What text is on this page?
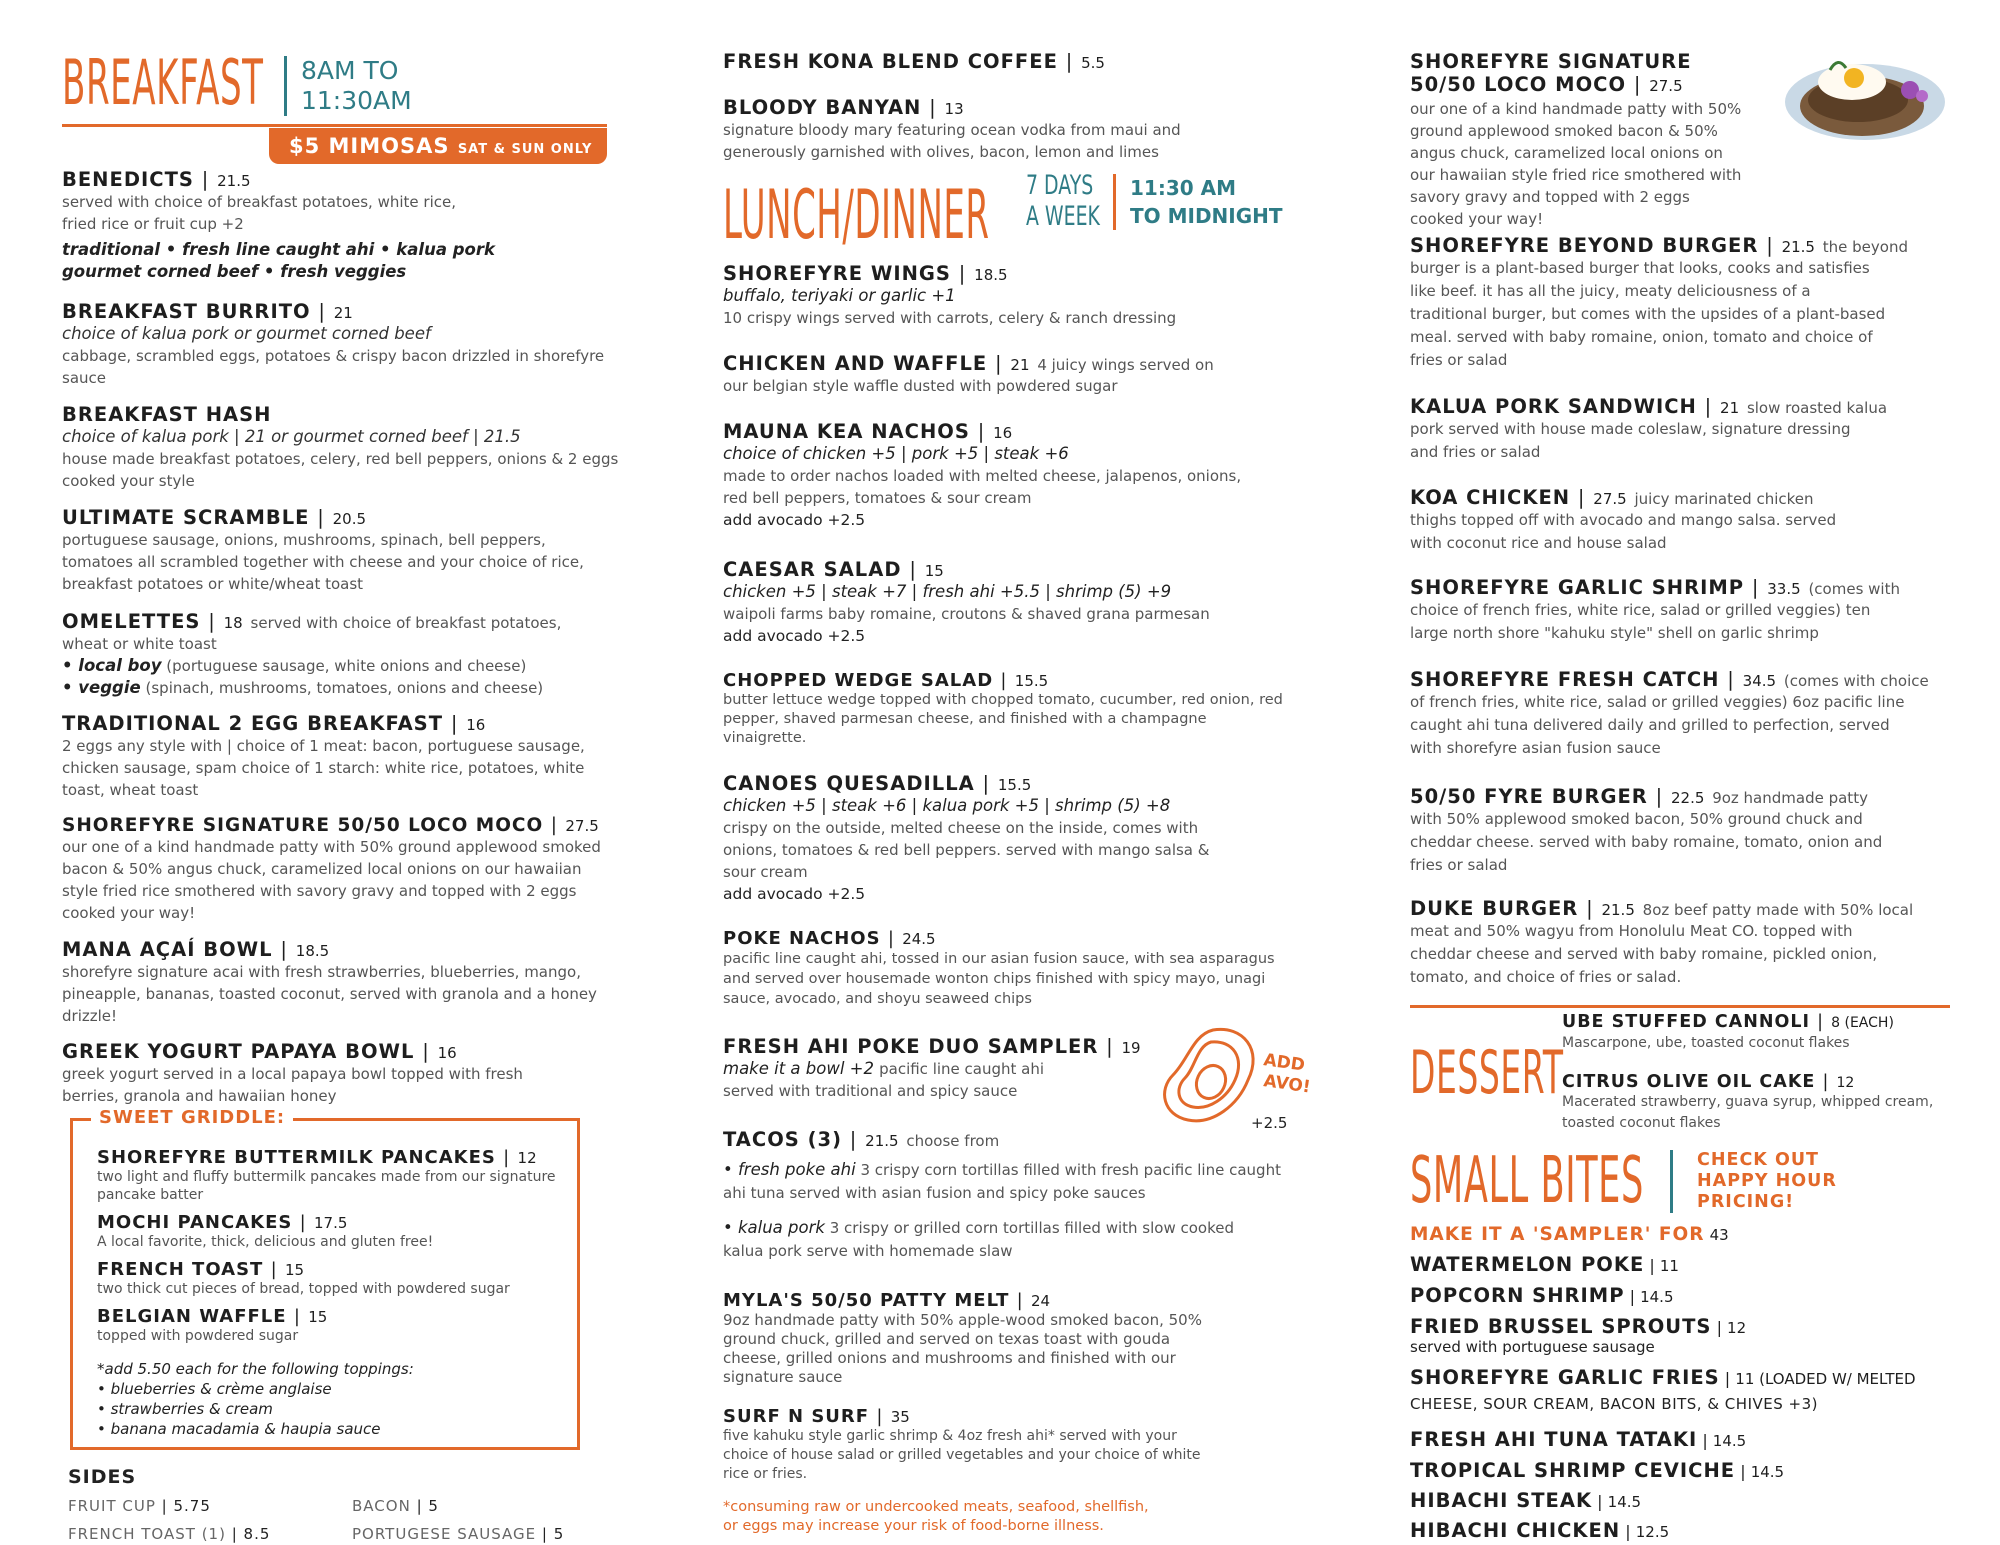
BREAKFAST 8AM TO
11:30AM
$5 MIMOSAS SAT & SUN ONLY
BENEDICTS | 21.5
served with choice of breakfast potatoes, white rice,
fried rice or fruit cup +2
traditional • fresh line caught ahi • kalua pork
gourmet corned beef • fresh veggies
BREAKFAST BURRITO | 21
choice of kalua pork or gourmet corned beef
cabbage, scrambled eggs, potatoes & crispy bacon drizzled in shorefyre sauce
BREAKFAST HASH
choice of kalua pork | 21 or gourmet corned beef | 21.5
house made breakfast potatoes, celery, red bell peppers, onions & 2 eggs cooked your style
ULTIMATE SCRAMBLE | 20.5
portuguese sausage, onions, mushrooms, spinach, bell peppers, tomatoes all scrambled together with cheese and your choice of rice, breakfast potatoes or white/wheat toast
OMELETTES | 18 served with choice of breakfast potatoes,
wheat or white toast
• local boy (portuguese sausage, white onions and cheese)
• veggie (spinach, mushrooms, tomatoes, onions and cheese)
TRADITIONAL 2 EGG BREAKFAST | 16
2 eggs any style with | choice of 1 meat: bacon, portuguese sausage, chicken sausage, spam choice of 1 starch: white rice, potatoes, white toast, wheat toast
SHOREFYRE SIGNATURE 50/50 LOCO MOCO | 27.5
our one of a kind handmade patty with 50% ground applewood smoked bacon & 50% angus chuck, caramelized local onions on our hawaiian style fried rice smothered with savory gravy and topped with 2 eggs cooked your way!
MANA AÇAÍ BOWL | 18.5
shorefyre signature acai with fresh strawberries, blueberries, mango, pineapple, bananas, toasted coconut, served with granola and a honey drizzle!
GREEK YOGURT PAPAYA BOWL | 16
greek yogurt served in a local papaya bowl topped with fresh berries, granola and hawaiian honey
SWEET GRIDDLE:
SHOREFYRE BUTTERMILK PANCAKES | 12
two light and fluffy buttermilk pancakes made from our signature pancake batter
MOCHI PANCAKES | 17.5
A local favorite, thick, delicious and gluten free!
FRENCH TOAST | 15
two thick cut pieces of bread, topped with powdered sugar
BELGIAN WAFFLE | 15
topped with powdered sugar
*add 5.50 each for the following toppings:
• blueberries & crème anglaise
• strawberries & cream
• banana macadamia & haupia sauce
SIDES
FRUIT CUP | 5.75	BACON | 5
FRENCH TOAST (1) | 8.5	PORTUGESE SAUSAGE | 5
FRESH KONA BLEND COFFEE | 5.5
BLOODY BANYAN | 13
signature bloody mary featuring ocean vodka from maui and generously garnished with olives, bacon, lemon and limes
LUNCH/DINNER 7 DAYS
A WEEK
11:30 AM
TO MIDNIGHT
SHOREFYRE WINGS | 18.5
buffalo, teriyaki or garlic +1
10 crispy wings served with carrots, celery & ranch dressing
CHICKEN AND WAFFLE | 21 4 juicy wings served on
our belgian style waffle dusted with powdered sugar
MAUNA KEA NACHOS | 16
choice of chicken +5 | pork +5 | steak +6
made to order nachos loaded with melted cheese, jalapenos, onions, red bell peppers, tomatoes & sour cream
add avocado +2.5
CAESAR SALAD | 15
chicken +5 | steak +7 | fresh ahi +5.5 | shrimp (5) +9
waipoli farms baby romaine, croutons & shaved grana parmesan
add avocado +2.5
CHOPPED WEDGE SALAD | 15.5
butter lettuce wedge topped with chopped tomato, cucumber, red onion, red pepper, shaved parmesan cheese, and finished with a champagne vinaigrette.
CANOES QUESADILLA | 15.5
chicken +5 | steak +6 | kalua pork +5 | shrimp (5) +8
crispy on the outside, melted cheese on the inside, comes with onions, tomatoes & red bell peppers. served with mango salsa & sour cream
add avocado +2.5
POKE NACHOS | 24.5
pacific line caught ahi, tossed in our asian fusion sauce, with sea asparagus and served over housemade wonton chips finished with spicy mayo, unagi sauce, avocado, and shoyu seaweed chips
FRESH AHI POKE DUO SAMPLER | 19
make it a bowl +2 pacific line caught ahi
served with traditional and spicy sauce
ADD
AVO!
+2.5
TACOS (3) | 21.5 choose from
• fresh poke ahi 3 crispy corn tortillas filled with fresh pacific line caught ahi tuna served with asian fusion and spicy poke sauces
• kalua pork 3 crispy or grilled corn tortillas filled with slow cooked kalua pork serve with homemade slaw
MYLA'S 50/50 PATTY MELT | 24
9oz handmade patty with 50% apple-wood smoked bacon, 50% ground chuck, grilled and served on texas toast with gouda cheese, grilled onions and mushrooms and finished with our signature sauce
SURF N SURF | 35
five kahuku style garlic shrimp & 4oz fresh ahi* served with your choice of house salad or grilled vegetables and your choice of white rice or fries.
*consuming raw or undercooked meats, seafood, shellfish,
or eggs may increase your risk of food-borne illness.
SHOREFYRE SIGNATURE
50/50 LOCO MOCO | 27.5
our one of a kind handmade patty with 50% ground applewood smoked bacon & 50% angus chuck, caramelized local onions on our hawaiian style fried rice smothered with savory gravy and topped with 2 eggs cooked your way!
SHOREFYRE BEYOND BURGER | 21.5 the beyond
burger is a plant-based burger that looks, cooks and satisfies like beef. it has all the juicy, meaty deliciousness of a traditional burger, but comes with the upsides of a plant-based meal. served with baby romaine, onion, tomato and choice of fries or salad
KALUA PORK SANDWICH | 21 slow roasted kalua
pork served with house made coleslaw, signature dressing and fries or salad
KOA CHICKEN | 27.5 juicy marinated chicken
thighs topped off with avocado and mango salsa. served with coconut rice and house salad
SHOREFYRE GARLIC SHRIMP | 33.5 (comes with
choice of french fries, white rice, salad or grilled veggies) ten large north shore "kahuku style" shell on garlic shrimp
SHOREFYRE FRESH CATCH | 34.5 (comes with choice
of french fries, white rice, salad or grilled veggies) 6oz pacific line caught ahi tuna delivered daily and grilled to perfection, served with shorefyre asian fusion sauce
50/50 FYRE BURGER | 22.5 9oz handmade patty
with 50% applewood smoked bacon, 50% ground chuck and cheddar cheese. served with baby romaine, tomato, onion and fries or salad
DUKE BURGER | 21.5 8oz beef patty made with 50% local
meat and 50% wagyu from Honolulu Meat CO. topped with cheddar cheese and served with baby romaine, pickled onion, tomato, and choice of fries or salad.
DESSERT
UBE STUFFED CANNOLI | 8 (EACH)
Mascarpone, ube, toasted coconut flakes
CITRUS OLIVE OIL CAKE | 12
Macerated strawberry, guava syrup, whipped cream, toasted coconut flakes
SMALL BITES	CHECK OUT
HAPPY HOUR
PRICING!
MAKE IT A 'SAMPLER' FOR 43
WATERMELON POKE | 11
POPCORN SHRIMP | 14.5
FRIED BRUSSEL SPROUTS | 12
served with portuguese sausage
SHOREFYRE GARLIC FRIES | 11 (LOADED W/ MELTED
CHEESE, SOUR CREAM, BACON BITS, & CHIVES +3)
FRESH AHI TUNA TATAKI | 14.5
TROPICAL SHRIMP CEVICHE | 14.5
HIBACHI STEAK | 14.5
HIBACHI CHICKEN | 12.5
